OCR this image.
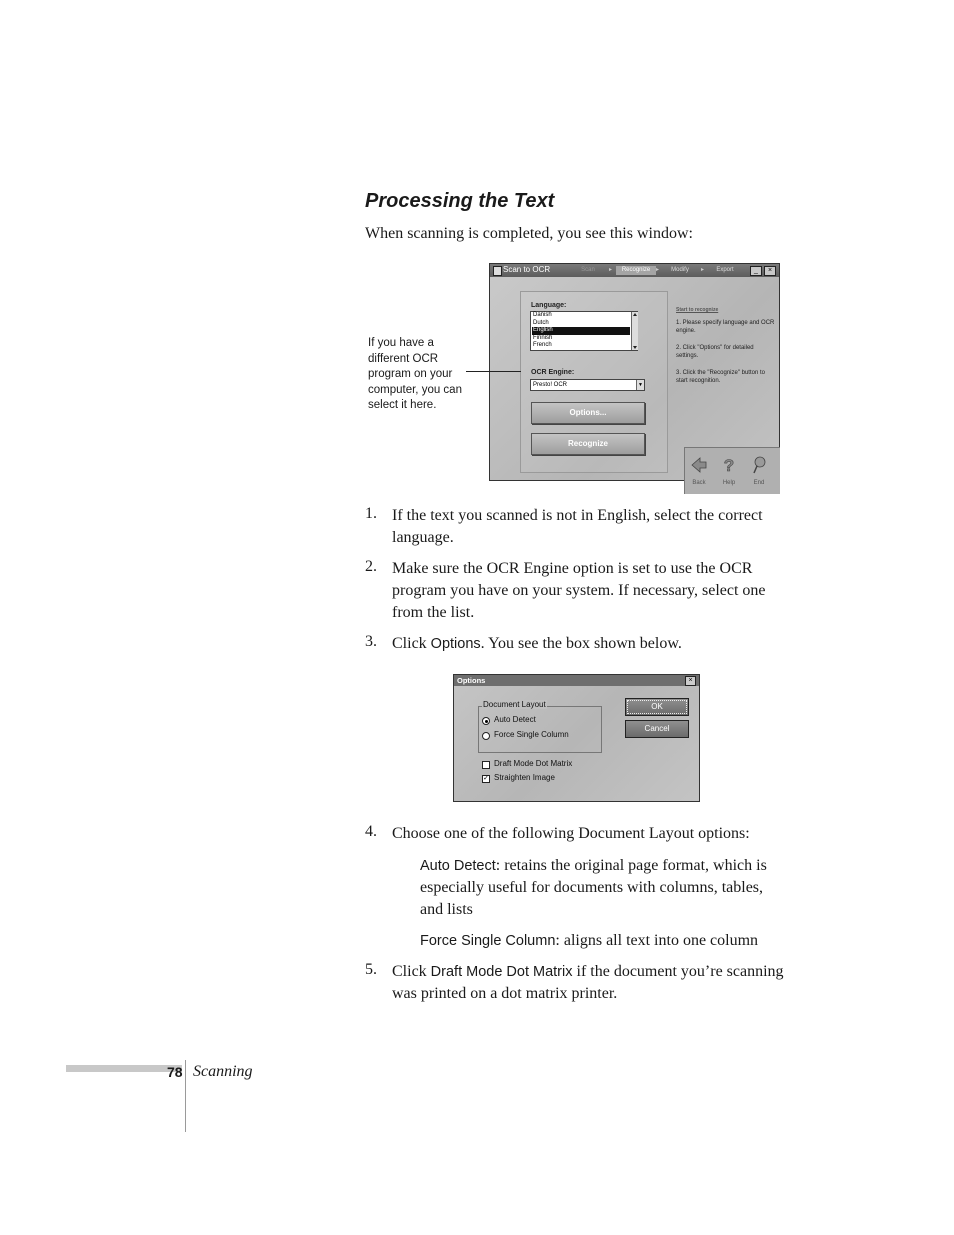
Processing the Text
When scanning is completed, you see this window:
Scan to OCR	Scan	▸	Recognize ▸	Modify	▸	Export	_	×
Language:
Danish
Dutch
English
Finnish
French
OCR Engine:
Presto! OCR	▼
Options...
Recognize
Start to recognize
1. Please specify language and OCR engine.
2. Click "Options" for detailed settings.
3. Click the "Recognize" button to start recognition.
?
Back	Help	End
If you have a different OCR program on your computer, you can select it here.
1. If the text you scanned is not in English, select the correct language.
2. Make sure the OCR Engine option is set to use the OCR program you have on your system. If necessary, select one from the list.
3. Click Options. You see the box shown below.
Options	×
Document Layout
Auto Detect
Force Single Column
Draft Mode Dot Matrix
✓ Straighten Image
OK
Cancel
4. Choose one of the following Document Layout options:
Auto Detect: retains the original page format, which is especially useful for documents with columns, tables, and lists
Force Single Column: aligns all text into one column
5. Click Draft Mode Dot Matrix if the document you’re scanning was printed on a dot matrix printer.
78 Scanning
